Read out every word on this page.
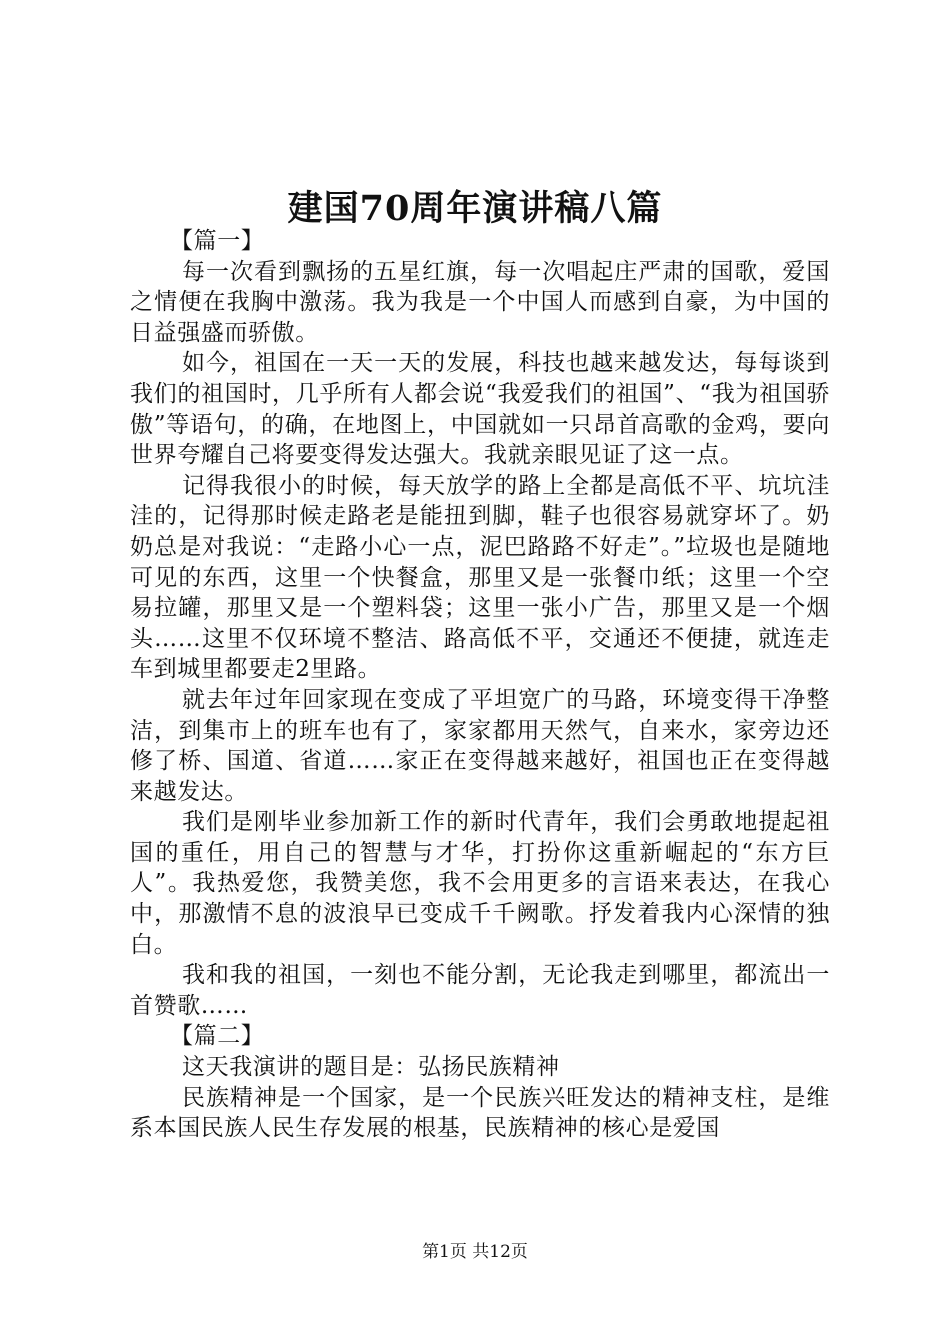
建国70周年演讲稿八篇

【篇一】

每一次看到飘扬的五星红旗，每一次唱起庄严肃的国歌，爱国之情便在我胸中激荡。我为我是一个中国人而感到自豪，为中国的日益强盛而骄傲。

如今，祖国在一天一天的发展，科技也越来越发达，每每谈到我们的祖国时，几乎所有人都会说“我爱我们的祖国”、“我为祖国骄傲”等语句，的确，在地图上，中国就如一只昂首高歌的金鸡，要向世界夸耀自己将要变得发达强大。我就亲眼见证了这一点。

记得我很小的时候，每天放学的路上全都是高低不平、坑坑洼洼的，记得那时候走路老是能扭到脚，鞋子也很容易就穿坏了。奶奶总是对我说：“走路小心一点，泥巴路路不好走”。”垃圾也是随地可见的东西，这里一个快餐盒，那里又是一张餐巾纸；这里一个空易拉罐，那里又是一个塑料袋；这里一张小广告，那里又是一个烟头……这里不仅环境不整洁、路高低不平，交通还不便捷，就连走车到城里都要走2里路。

就去年过年回家现在变成了平坦宽广的马路，环境变得干净整洁，到集市上的班车也有了，家家都用天然气，自来水，家旁边还修了桥、国道、省道……家正在变得越来越好，祖国也正在变得越来越发达。

我们是刚毕业参加新工作的新时代青年，我们会勇敢地提起祖国的重任，用自己的智慧与才华，打扮你这重新崛起的“东方巨人”。我热爱您，我赞美您，我不会用更多的言语来表达，在我心中，那激情不息的波浪早已变成千千阙歌。抒发着我内心深情的独白。

我和我的祖国，一刻也不能分割，无论我走到哪里，都流出一首赞歌……

【篇二】

这天我演讲的题目是：弘扬民族精神

民族精神是一个国家，是一个民族兴旺发达的精神支柱，是维系本国民族人民生存发展的根基，民族精神的核心是爱国

第1页 共12页
